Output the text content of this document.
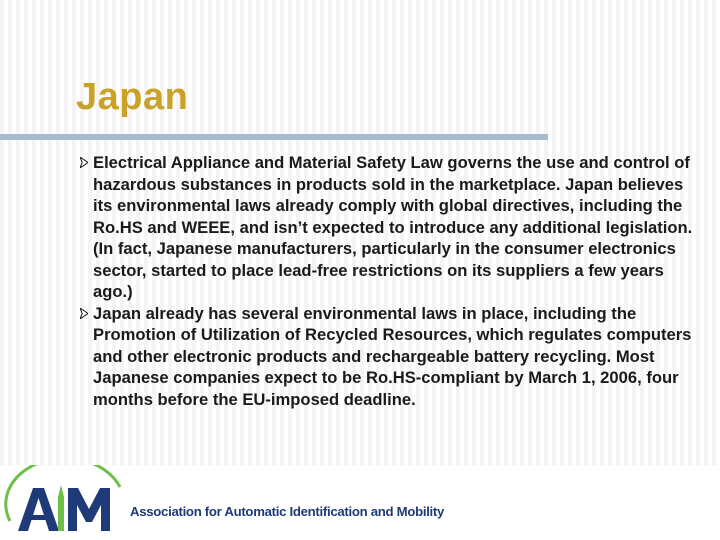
Japan
Electrical Appliance and Material Safety Law governs the use and control of hazardous substances in products sold in the marketplace. Japan believes its environmental laws already comply with global directives, including the Ro.HS and WEEE, and isn’t expected to introduce any additional legislation. (In fact, Japanese manufacturers, particularly in the consumer electronics sector, started to place lead-free restrictions on its suppliers a few years ago.)
Japan already has several environmental laws in place, including the Promotion of Utilization of Recycled Resources, which regulates computers and other electronic products and rechargeable battery recycling. Most Japanese companies expect to be Ro.HS-compliant by March 1, 2006, four months before the EU-imposed deadline.
Association for Automatic Identification and Mobility
